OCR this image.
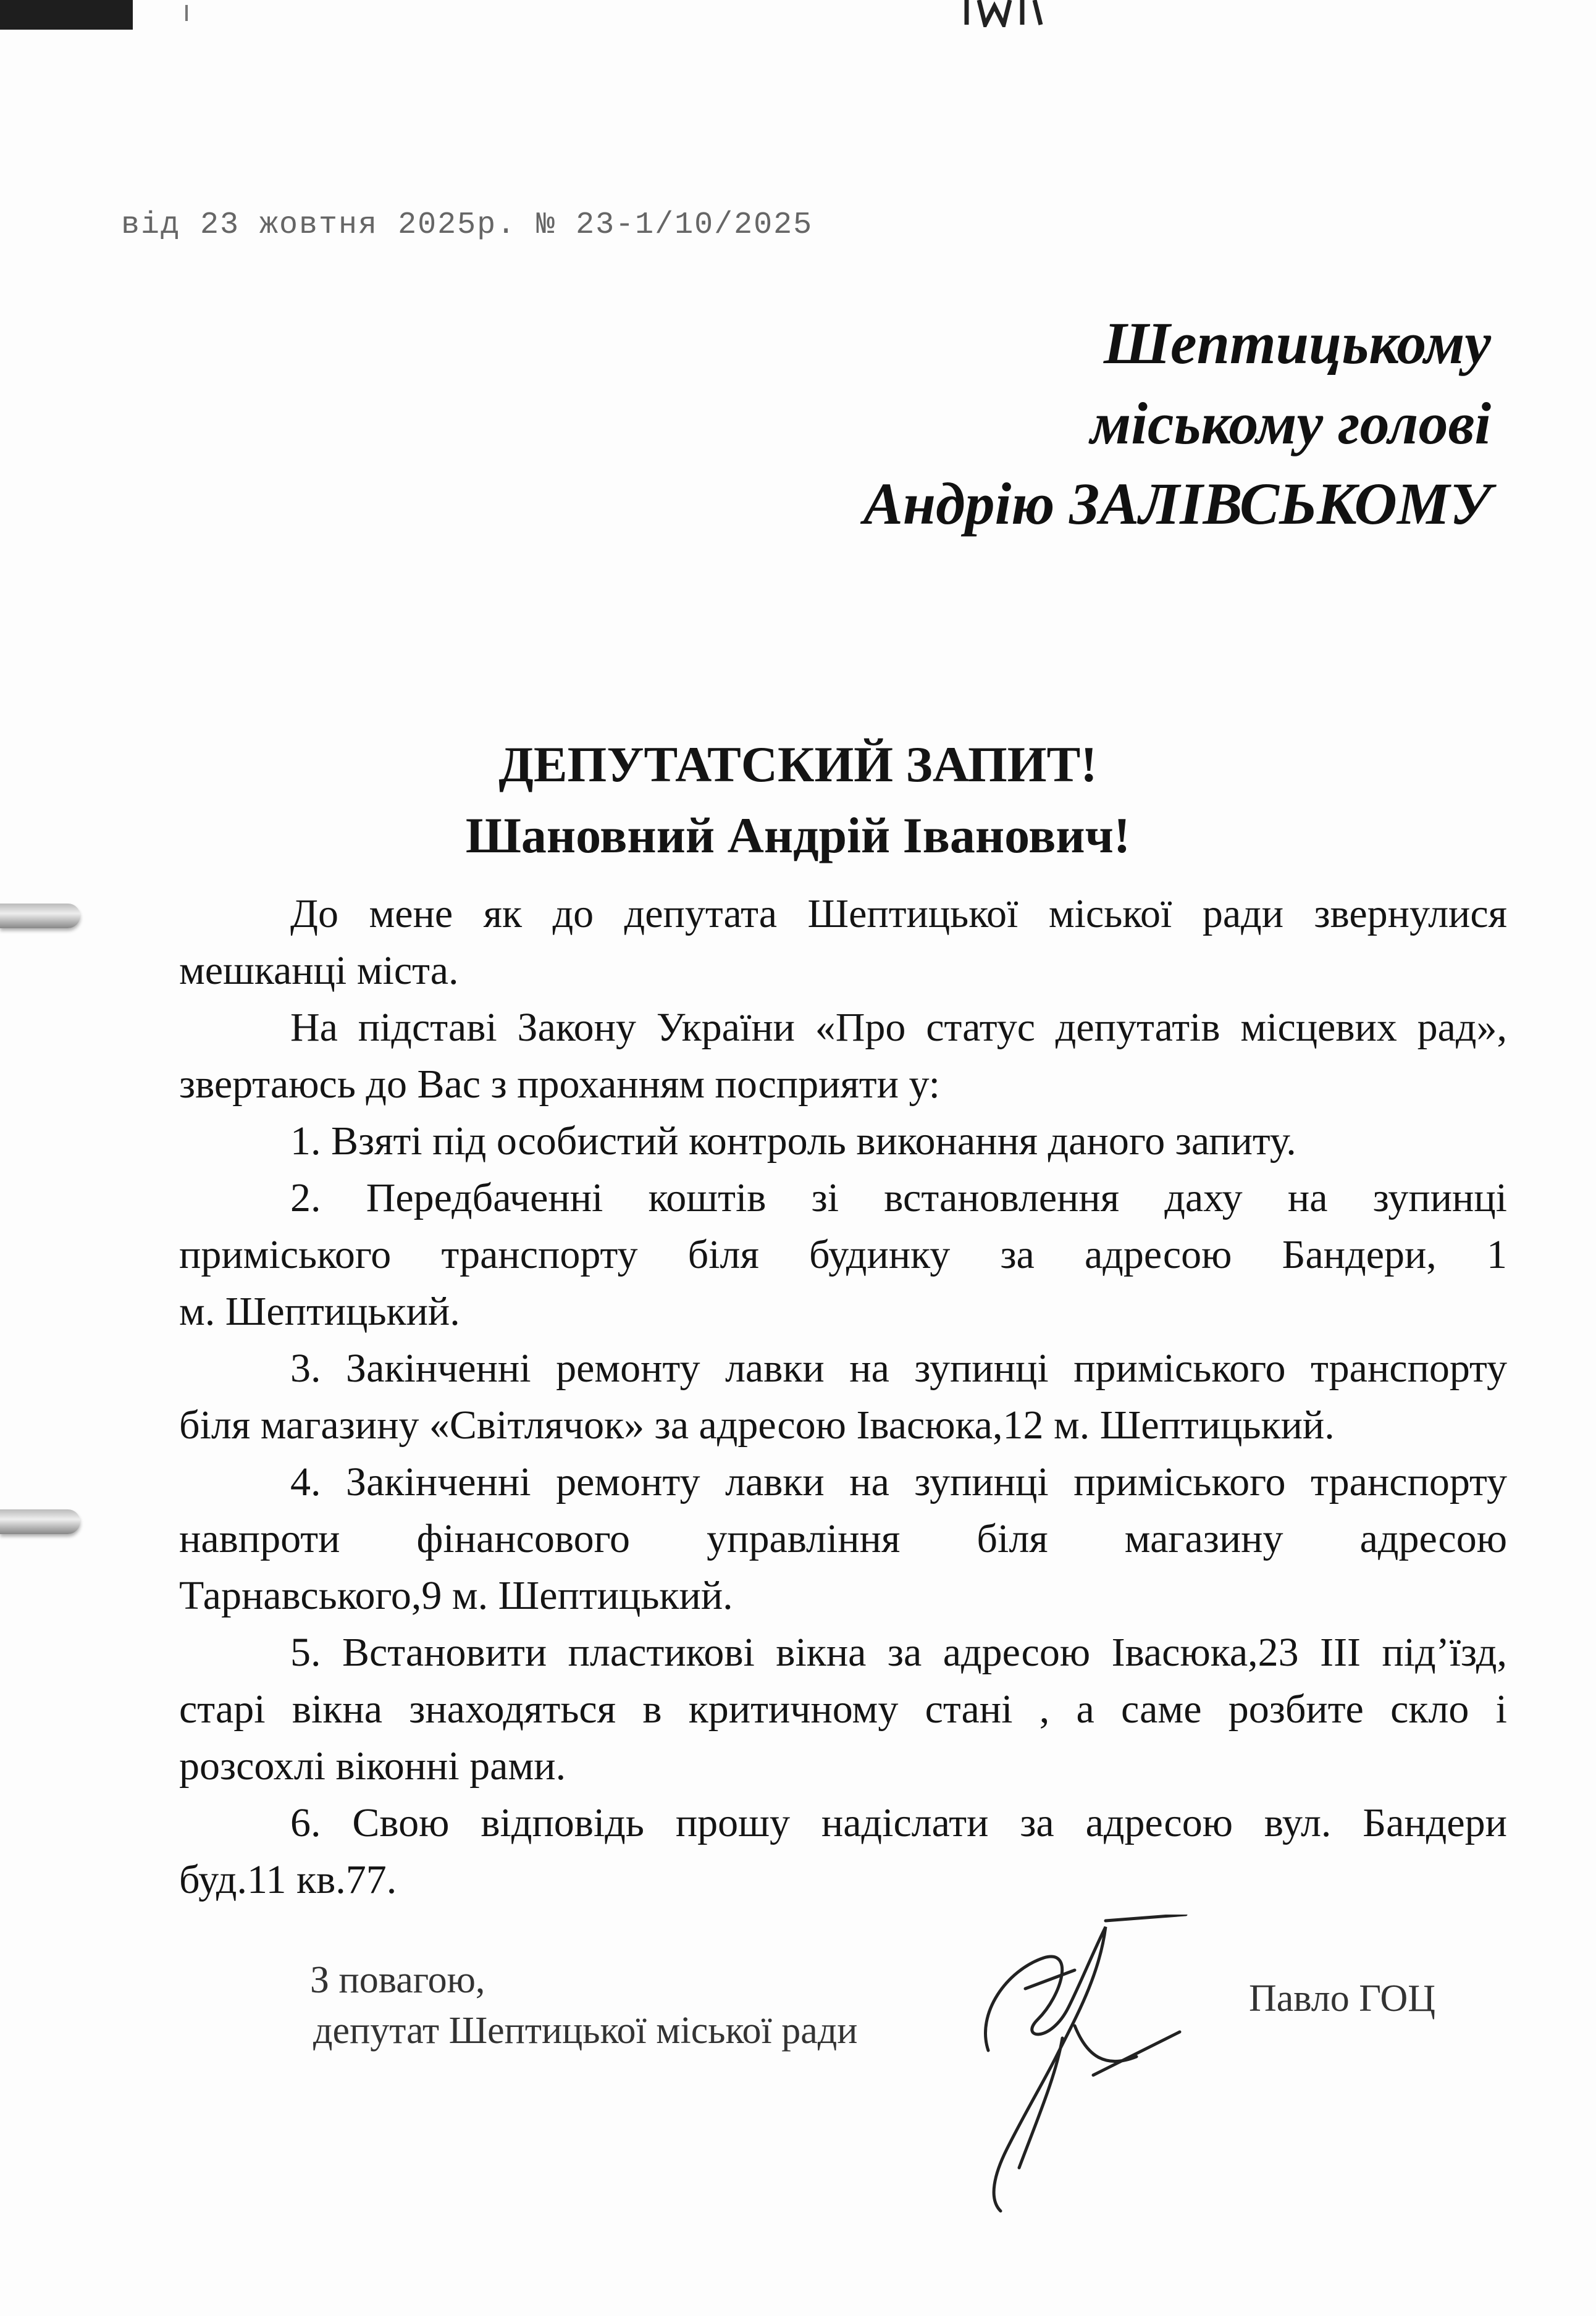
від 23 жовтня 2025р. № 23-1/10/2025
Шептицькому
міському голові
Андрію ЗАЛІВСЬКОМУ
ДЕПУТАТСКИЙ ЗАПИТ!
Шановний Андрій Іванович!
До мене як до депутата Шептицької міської ради звернулися
мешканці міста.
На підставі Закону України «Про статус депутатів місцевих рад»,
звертаюсь до Вас з проханням посприяти у:
1. Взяті під особистий контроль виконання даного запиту.
2. Передбаченні коштів зі встановлення даху на зупинці
приміського транспорту біля будинку за адресою Бандери, 1
м. Шептицький.
3. Закінченні ремонту лавки на зупинці приміського транспорту
біля магазину «Світлячок» за адресою Івасюка,12 м. Шептицький.
4. Закінченні ремонту лавки на зупинці приміського транспорту
навпроти фінансового управління біля магазину адресою
Тарнавського,9 м. Шептицький.
5. Встановити пластикові вікна за адресою Івасюка,23 ІІІ під’їзд,
старі вікна знаходяться в критичному стані , а саме розбите скло і
розсохлі віконні рами.
6. Свою відповідь прошу надіслати за адресою вул. Бандери
буд.11 кв.77.
З повагою,
депутат Шептицької міської ради
Павло ГОЦ
